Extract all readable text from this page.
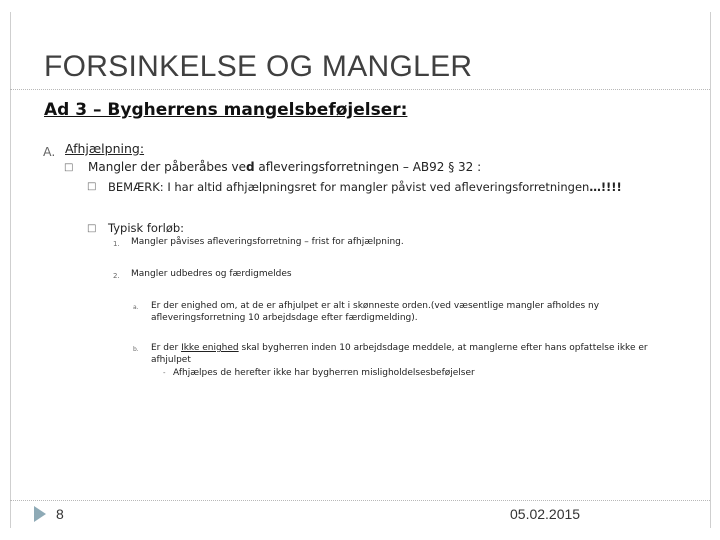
FORSINKELSE OG MANGLER
Ad 3 – Bygherrens mangelsbeføjelser:
A. Afhjælpning:
□ Mangler der påberåbes ved afleveringsforretningen – AB92 § 32 :
□ BEMÆRK: I har altid afhjælpningsret for mangler påvist ved afleveringsforretningen…!!!!
□ Typisk forløb:
1. Mangler påvises afleveringsforretning – frist for afhjælpning.
2. Mangler udbedres og færdigmeldes
a. Er der enighed om, at de er afhjulpet er alt i skønneste orden.(ved væsentlige mangler afholdes ny afleveringsforretning 10 arbejdsdage efter færdigmelding).
b. Er der Ikke enighed skal bygherren inden 10 arbejdsdage meddele, at manglerne efter hans opfattelse ikke er afhjulpet
- Afhjælpes de herefter ikke har bygherren misligholdelsesbeføjelser
8	05.02.2015
